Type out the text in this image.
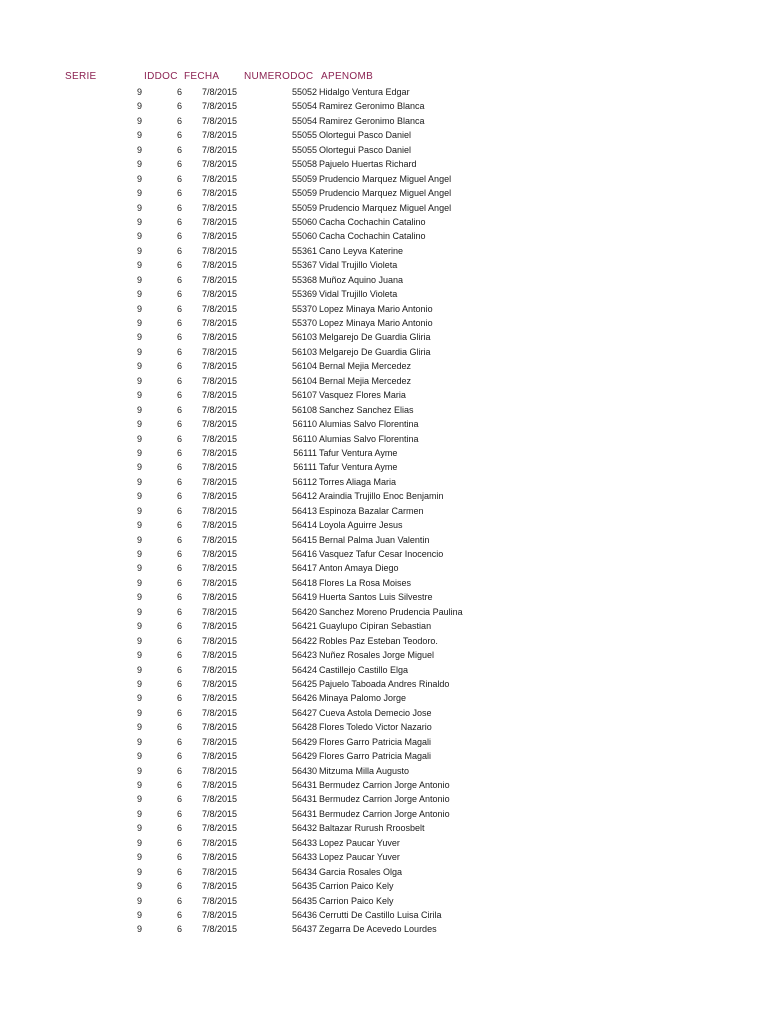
SERIE	IDDOC FECHA NUMERODOC APENOMB
9	6 7/8/2015	55052 Hidalgo Ventura Edgar
9	6 7/8/2015	55054 Ramirez Geronimo Blanca
9	6 7/8/2015	55054 Ramirez Geronimo Blanca
9	6 7/8/2015	55055 Olortegui Pasco Daniel
9	6 7/8/2015	55055 Olortegui Pasco Daniel
9	6 7/8/2015	55058 Pajuelo Huertas Richard
9	6 7/8/2015	55059 Prudencio Marquez Miguel Angel
9	6 7/8/2015	55059 Prudencio Marquez Miguel Angel
9	6 7/8/2015	55059 Prudencio Marquez Miguel Angel
9	6 7/8/2015	55060 Cacha Cochachin Catalino
9	6 7/8/2015	55060 Cacha Cochachin Catalino
9	6 7/8/2015	55361 Cano Leyva Katerine
9	6 7/8/2015	55367 Vidal Trujillo Violeta
9	6 7/8/2015	55368 Muñoz Aquino Juana
9	6 7/8/2015	55369 Vidal Trujillo Violeta
9	6 7/8/2015	55370 Lopez Minaya Mario Antonio
9	6 7/8/2015	55370 Lopez Minaya Mario Antonio
9	6 7/8/2015	56103 Melgarejo De Guardia Gliria
9	6 7/8/2015	56103 Melgarejo De Guardia Gliria
9	6 7/8/2015	56104 Bernal Mejia Mercedez
9	6 7/8/2015	56104 Bernal Mejia Mercedez
9	6 7/8/2015	56107 Vasquez Flores Maria
9	6 7/8/2015	56108 Sanchez Sanchez Elias
9	6 7/8/2015	56110 Alumias Salvo Florentina
9	6 7/8/2015	56110 Alumias Salvo Florentina
9	6 7/8/2015	56111 Tafur Ventura Ayme
9	6 7/8/2015	56111 Tafur Ventura Ayme
9	6 7/8/2015	56112 Torres Aliaga Maria
9	6 7/8/2015	56412 Araindia Trujillo Enoc Benjamin
9	6 7/8/2015	56413 Espinoza Bazalar Carmen
9	6 7/8/2015	56414 Loyola Aguirre Jesus
9	6 7/8/2015	56415 Bernal Palma Juan Valentin
9	6 7/8/2015	56416 Vasquez Tafur Cesar Inocencio
9	6 7/8/2015	56417 Anton Amaya Diego
9	6 7/8/2015	56418 Flores La Rosa Moises
9	6 7/8/2015	56419 Huerta Santos Luis Silvestre
9	6 7/8/2015	56420 Sanchez Moreno Prudencia Paulina
9	6 7/8/2015	56421 Guaylupo Cipiran Sebastian
9	6 7/8/2015	56422 Robles Paz Esteban Teodoro.
9	6 7/8/2015	56423 Nuñez Rosales Jorge Miguel
9	6 7/8/2015	56424 Castillejo Castillo Elga
9	6 7/8/2015	56425 Pajuelo Taboada Andres Rinaldo
9	6 7/8/2015	56426 Minaya Palomo Jorge
9	6 7/8/2015	56427 Cueva Astola Demecio Jose
9	6 7/8/2015	56428 Flores Toledo Victor Nazario
9	6 7/8/2015	56429 Flores Garro Patricia Magali
9	6 7/8/2015	56429 Flores Garro Patricia Magali
9	6 7/8/2015	56430 Mitzuma Milla Augusto
9	6 7/8/2015	56431 Bermudez Carrion Jorge Antonio
9	6 7/8/2015	56431 Bermudez Carrion Jorge Antonio
9	6 7/8/2015	56431 Bermudez Carrion Jorge Antonio
9	6 7/8/2015	56432 Baltazar Rurush Rroosbelt
9	6 7/8/2015	56433 Lopez Paucar Yuver
9	6 7/8/2015	56433 Lopez Paucar Yuver
9	6 7/8/2015	56434 Garcia Rosales Olga
9	6 7/8/2015	56435 Carrion Paico Kely
9	6 7/8/2015	56435 Carrion Paico Kely
9	6 7/8/2015	56436 Cerrutti De Castillo Luisa Cirila
9	6 7/8/2015	56437 Zegarra De Acevedo Lourdes
